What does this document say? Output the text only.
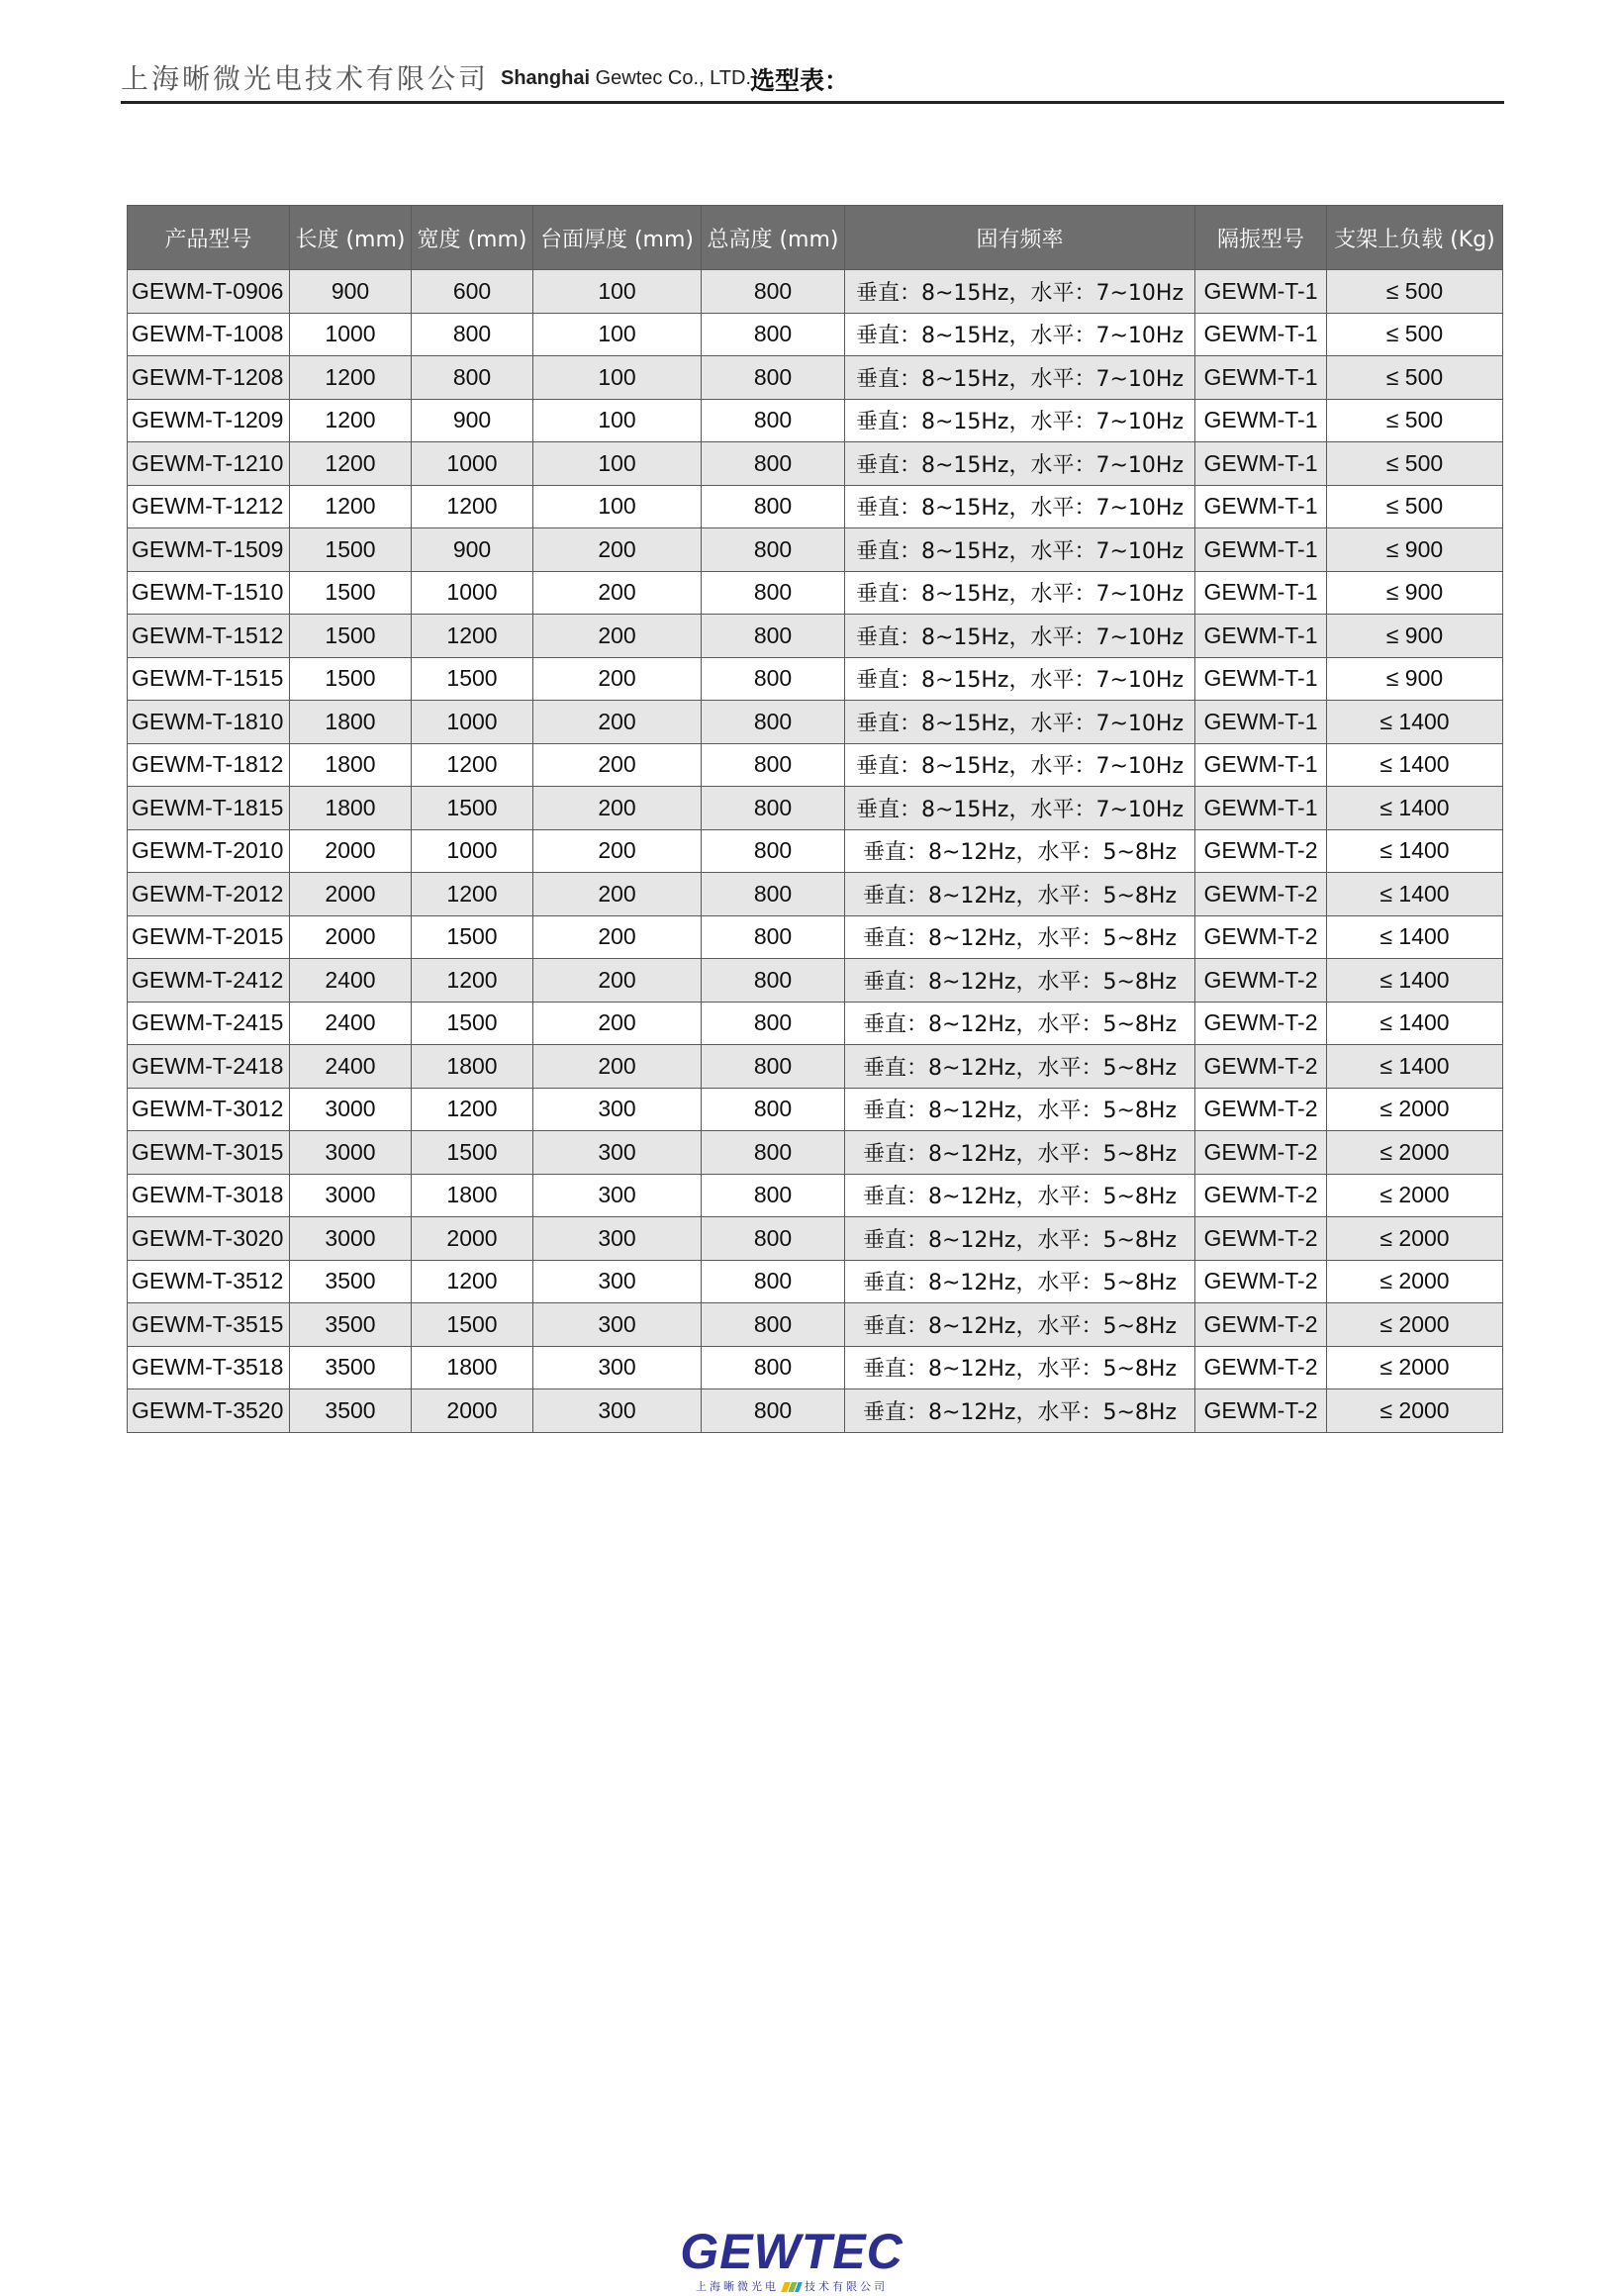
上海晰微光电技术有限公司 Shanghai Gewtec Co., LTD.
选型表：
产品型号	长度 (mm)	宽度 (mm)	台面厚度 (mm)	总高度 (mm)	固有频率	隔振型号	支架上负载 (Kg)
GEWM-T-0906	900	600	100	800	垂直：8~15Hz，水平：7~10Hz	GEWM-T-1	≤ 500
GEWM-T-1008	1000	800	100	800	垂直：8~15Hz，水平：7~10Hz	GEWM-T-1	≤ 500
GEWM-T-1208	1200	800	100	800	垂直：8~15Hz，水平：7~10Hz	GEWM-T-1	≤ 500
GEWM-T-1209	1200	900	100	800	垂直：8~15Hz，水平：7~10Hz	GEWM-T-1	≤ 500
GEWM-T-1210	1200	1000	100	800	垂直：8~15Hz，水平：7~10Hz	GEWM-T-1	≤ 500
GEWM-T-1212	1200	1200	100	800	垂直：8~15Hz，水平：7~10Hz	GEWM-T-1	≤ 500
GEWM-T-1509	1500	900	200	800	垂直：8~15Hz，水平：7~10Hz	GEWM-T-1	≤ 900
GEWM-T-1510	1500	1000	200	800	垂直：8~15Hz，水平：7~10Hz	GEWM-T-1	≤ 900
GEWM-T-1512	1500	1200	200	800	垂直：8~15Hz，水平：7~10Hz	GEWM-T-1	≤ 900
GEWM-T-1515	1500	1500	200	800	垂直：8~15Hz，水平：7~10Hz	GEWM-T-1	≤ 900
GEWM-T-1810	1800	1000	200	800	垂直：8~15Hz，水平：7~10Hz	GEWM-T-1	≤ 1400
GEWM-T-1812	1800	1200	200	800	垂直：8~15Hz，水平：7~10Hz	GEWM-T-1	≤ 1400
GEWM-T-1815	1800	1500	200	800	垂直：8~15Hz，水平：7~10Hz	GEWM-T-1	≤ 1400
GEWM-T-2010	2000	1000	200	800	垂直：8~12Hz，水平：5~8Hz	GEWM-T-2	≤ 1400
GEWM-T-2012	2000	1200	200	800	垂直：8~12Hz，水平：5~8Hz	GEWM-T-2	≤ 1400
GEWM-T-2015	2000	1500	200	800	垂直：8~12Hz，水平：5~8Hz	GEWM-T-2	≤ 1400
GEWM-T-2412	2400	1200	200	800	垂直：8~12Hz，水平：5~8Hz	GEWM-T-2	≤ 1400
GEWM-T-2415	2400	1500	200	800	垂直：8~12Hz，水平：5~8Hz	GEWM-T-2	≤ 1400
GEWM-T-2418	2400	1800	200	800	垂直：8~12Hz，水平：5~8Hz	GEWM-T-2	≤ 1400
GEWM-T-3012	3000	1200	300	800	垂直：8~12Hz，水平：5~8Hz	GEWM-T-2	≤ 2000
GEWM-T-3015	3000	1500	300	800	垂直：8~12Hz，水平：5~8Hz	GEWM-T-2	≤ 2000
GEWM-T-3018	3000	1800	300	800	垂直：8~12Hz，水平：5~8Hz	GEWM-T-2	≤ 2000
GEWM-T-3020	3000	2000	300	800	垂直：8~12Hz，水平：5~8Hz	GEWM-T-2	≤ 2000
GEWM-T-3512	3500	1200	300	800	垂直：8~12Hz，水平：5~8Hz	GEWM-T-2	≤ 2000
GEWM-T-3515	3500	1500	300	800	垂直：8~12Hz，水平：5~8Hz	GEWM-T-2	≤ 2000
GEWM-T-3518	3500	1800	300	800	垂直：8~12Hz，水平：5~8Hz	GEWM-T-2	≤ 2000
GEWM-T-3520	3500	2000	300	800	垂直：8~12Hz，水平：5~8Hz	GEWM-T-2	≤ 2000
GEWTEC
上海晰微光电 技术有限公司
